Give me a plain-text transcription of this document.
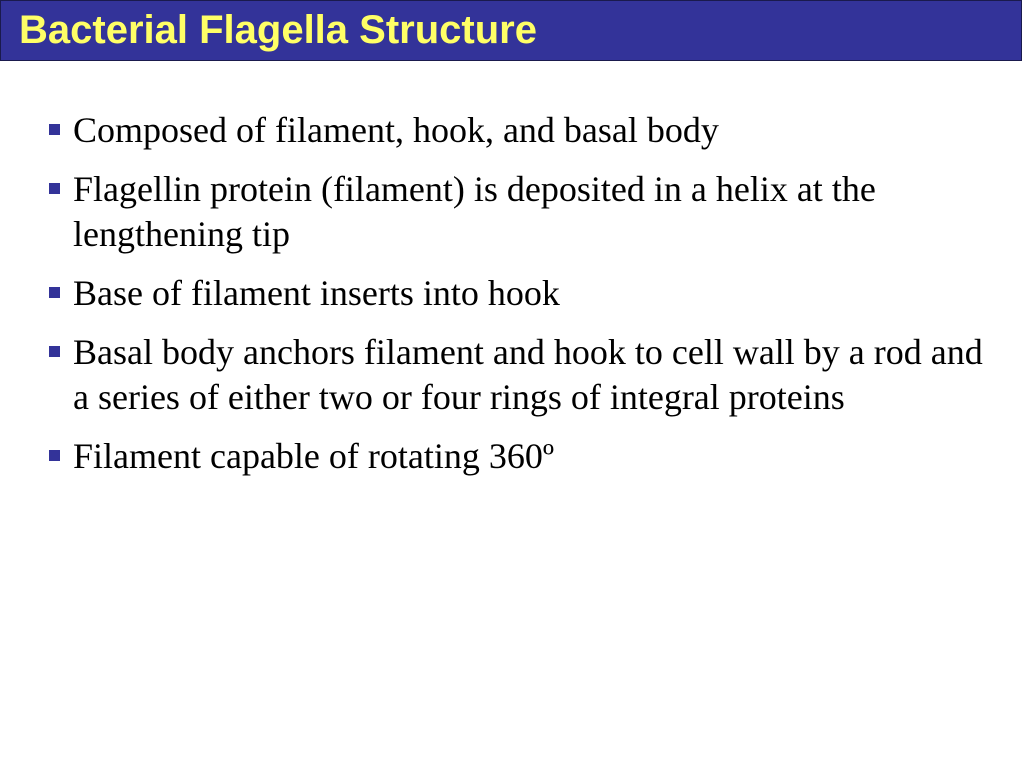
Bacterial Flagella Structure
Composed of filament, hook, and basal body
Flagellin protein (filament) is deposited in a helix at the lengthening tip
Base of filament inserts into hook
Basal body anchors filament and hook to cell wall by a rod and a series of either two or four rings of integral proteins
Filament capable of rotating 360º
